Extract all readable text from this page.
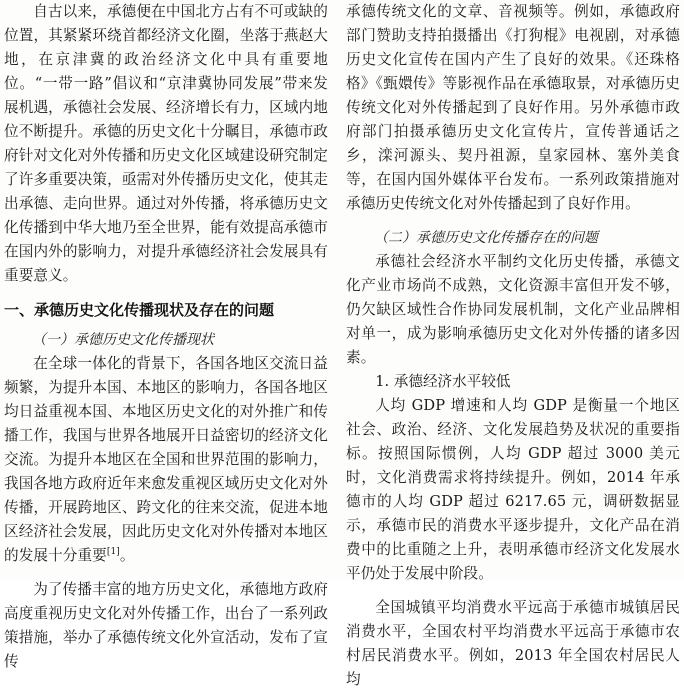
自古以来，承德便在中国北方占有不可或缺的位置，其紧紧环绕首都经济文化圈，坐落于燕赵大地，在京津冀的政治经济文化中具有重要地位。“一带一路”倡议和“京津冀协同发展”带来发展机遇，承德社会发展、经济增长有力，区域内地位不断提升。承德的历史文化十分瞩目，承德市政府针对文化对外传播和历史文化区域建设研究制定了许多重要决策，亟需对外传播历史文化，使其走出承德、走向世界。通过对外传播，将承德历史文化传播到中华大地乃至全世界，能有效提高承德市在国内外的影响力，对提升承德经济社会发展具有重要意义。

一、承德历史文化传播现状及存在的问题

（一）承德历史文化传播现状

在全球一体化的背景下，各国各地区交流日益频繁，为提升本国、本地区的影响力，各国各地区均日益重视本国、本地区历史文化的对外推广和传播工作，我国与世界各地展开日益密切的经济文化交流。为提升本地区在全国和世界范围的影响力，我国各地方政府近年来愈发重视区域历史文化对外传播，开展跨地区、跨文化的往来交流，促进本地区经济社会发展，因此历史文化对外传播对本地区的发展十分重要[1]。

为了传播丰富的地方历史文化，承德地方政府高度重视历史文化对外传播工作，出台了一系列政策措施，举办了承德传统文化外宣活动，发布了宣传

承德传统文化的文章、音视频等。例如，承德政府部门赞助支持拍摄播出《打狗棍》电视剧，对承德历史文化宣传在国内产生了良好的效果。《还珠格格》《甄嬛传》等影视作品在承德取景，对承德历史传统文化对外传播起到了良好作用。另外承德市政府部门拍摄承德历史文化宣传片，宣传普通话之乡，滦河源头、契丹祖源，皇家园林、塞外美食等，在国内国外媒体平台发布。一系列政策措施对承德历史传统文化对外传播起到了良好作用。

（二）承德历史文化传播存在的问题

承德社会经济水平制约文化历史传播，承德文化产业市场尚不成熟，文化资源丰富但开发不够，仍欠缺区域性合作协同发展机制，文化产业品牌相对单一，成为影响承德历史文化对外传播的诸多因素。

1. 承德经济水平较低

人均 GDP 增速和人均 GDP 是衡量一个地区社会、政治、经济、文化发展趋势及状况的重要指标。按照国际惯例，人均 GDP 超过 3000 美元时，文化消费需求将持续提升。例如，2014 年承德市的人均 GDP 超过 6217.65 元，调研数据显示，承德市民的消费水平逐步提升，文化产品在消费中的比重随之上升，表明承德市经济文化发展水平仍处于发展中阶段。

全国城镇平均消费水平远高于承德市城镇居民消费水平，全国农村平均消费水平远高于承德市农村居民消费水平。例如，2013 年全国农村居民人均
